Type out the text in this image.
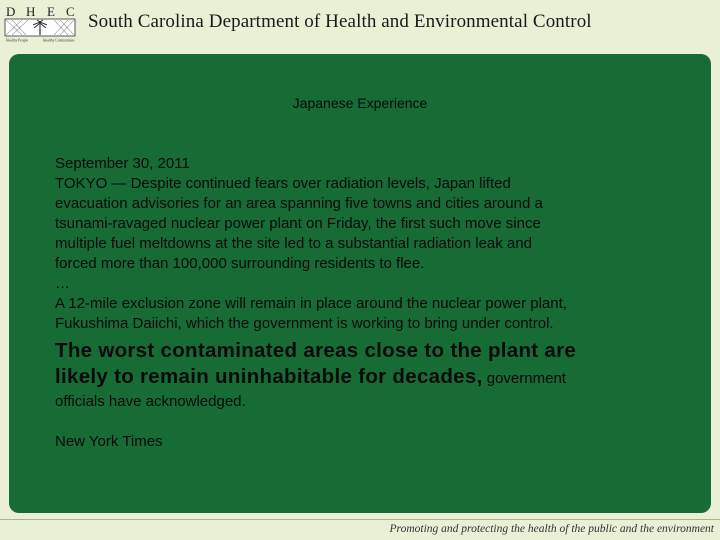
D H E C
Healthy People	Healthy Communities
South Carolina Department of Health and Environmental Control
Japanese Experience
September 30, 2011
TOKYO — Despite continued fears over radiation levels, Japan lifted
evacuation advisories for an area spanning five towns and cities around a
tsunami-ravaged nuclear power plant on Friday, the first such move since
multiple fuel meltdowns at the site led to a substantial radiation leak and
forced more than 100,000 surrounding residents to flee.
…
A 12-mile exclusion zone will remain in place around the nuclear power plant,
Fukushima Daiichi, which the government is working to bring under control.
The worst contaminated areas close to the plant are
likely to remain uninhabitable for decades, government
officials have acknowledged.
New York Times
Promoting and protecting the health of the public and the environment
